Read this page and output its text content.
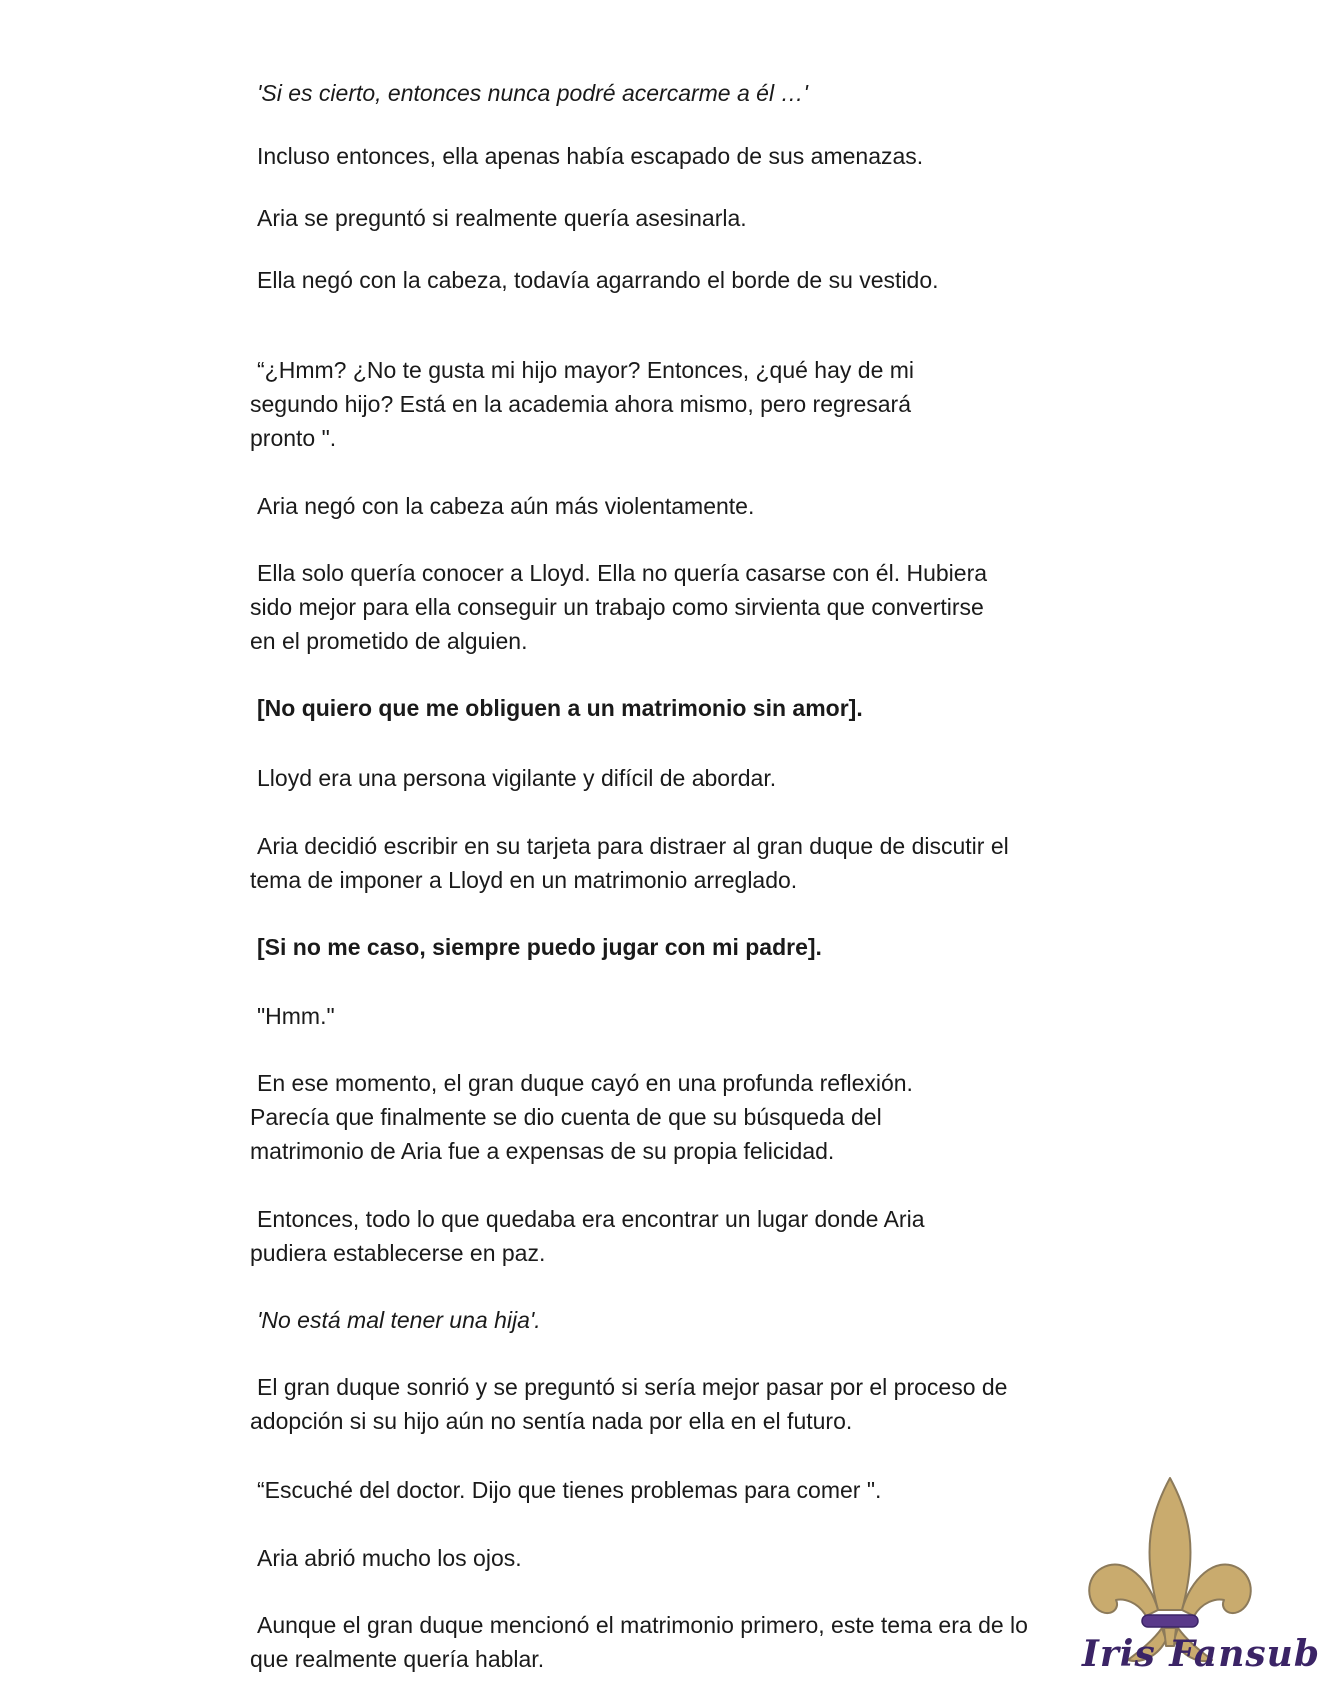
'Si es cierto, entonces nunca podré acercarme a él …'

Incluso entonces, ella apenas había escapado de sus amenazas.

Aria se preguntó si realmente quería asesinarla.

Ella negó con la cabeza, todavía agarrando el borde de su vestido.

“¿Hmm? ¿No te gusta mi hijo mayor? Entonces, ¿qué hay de mi segundo hijo? Está en la academia ahora mismo, pero regresará pronto ".

Aria negó con la cabeza aún más violentamente.

Ella solo quería conocer a Lloyd. Ella no quería casarse con él. Hubiera sido mejor para ella conseguir un trabajo como sirvienta que convertirse en el prometido de alguien.

[No quiero que me obliguen a un matrimonio sin amor].

Lloyd era una persona vigilante y difícil de abordar.

Aria decidió escribir en su tarjeta para distraer al gran duque de discutir el tema de imponer a Lloyd en un matrimonio arreglado.

[Si no me caso, siempre puedo jugar con mi padre].

"Hmm."

En ese momento, el gran duque cayó en una profunda reflexión. Parecía que finalmente se dio cuenta de que su búsqueda del matrimonio de Aria fue a expensas de su propia felicidad.

Entonces, todo lo que quedaba era encontrar un lugar donde Aria pudiera establecerse en paz.

'No está mal tener una hija'.

El gran duque sonrió y se preguntó si sería mejor pasar por el proceso de adopción si su hijo aún no sentía nada por ella en el futuro.

“Escuché del doctor. Dijo que tienes problemas para comer ".

Aria abrió mucho los ojos.

Aunque el gran duque mencionó el matrimonio primero, este tema era de lo que realmente quería hablar.	Iris Fansub
